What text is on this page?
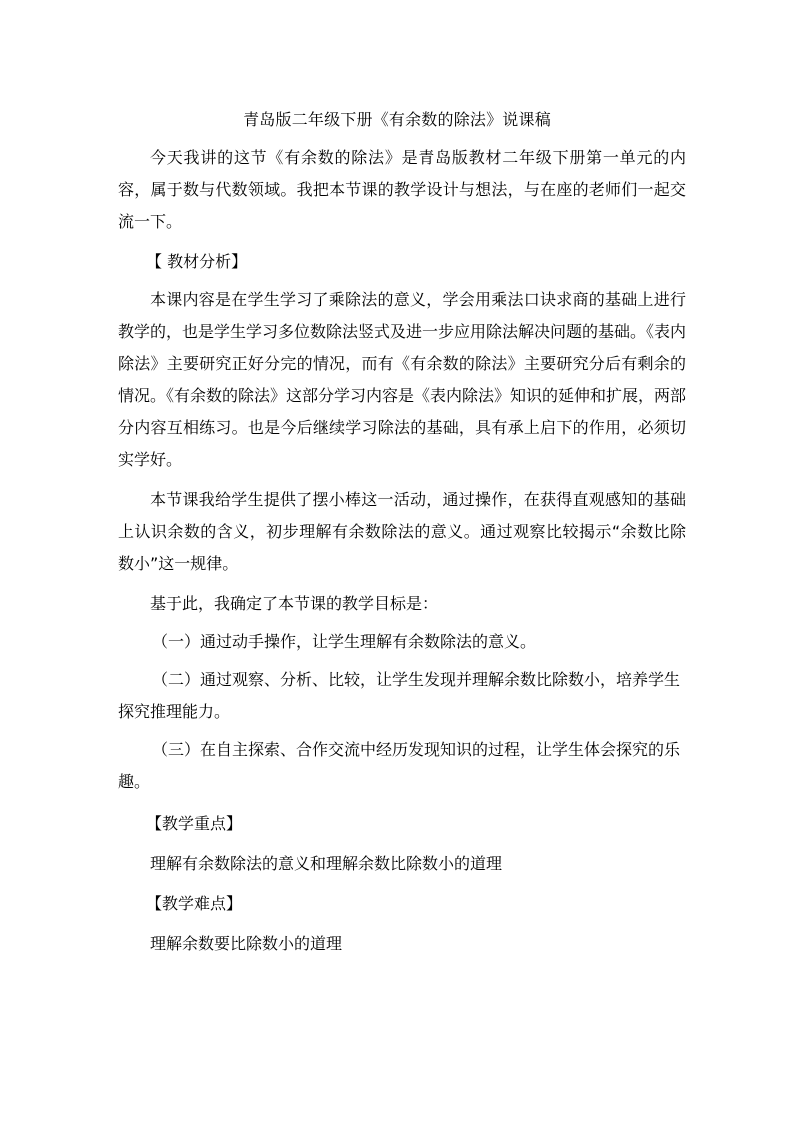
青岛版二年级下册《有余数的除法》说课稿

今天我讲的这节《有余数的除法》是青岛版教材二年级下册第一单元的内容，属于数与代数领域。我把本节课的教学设计与想法，与在座的老师们一起交流一下。

【 教材分析】

本课内容是在学生学习了乘除法的意义，学会用乘法口诀求商的基础上进行教学的，也是学生学习多位数除法竖式及进一步应用除法解决问题的基础。《表内除法》主要研究正好分完的情况，而有《有余数的除法》主要研究分后有剩余的情况。《有余数的除法》这部分学习内容是《表内除法》知识的延伸和扩展，两部分内容互相练习。也是今后继续学习除法的基础，具有承上启下的作用，必须切实学好。

本节课我给学生提供了摆小棒这一活动，通过操作，在获得直观感知的基础上认识余数的含义，初步理解有余数除法的意义。通过观察比较揭示“余数比除数小”这一规律。

基于此，我确定了本节课的教学目标是：

（一）通过动手操作，让学生理解有余数除法的意义。

（二）通过观察、分析、比较，让学生发现并理解余数比除数小，培养学生探究推理能力。

（三）在自主探索、合作交流中经历发现知识的过程，让学生体会探究的乐趣。

【教学重点】

理解有余数除法的意义和理解余数比除数小的道理

【教学难点】

理解余数要比除数小的道理
